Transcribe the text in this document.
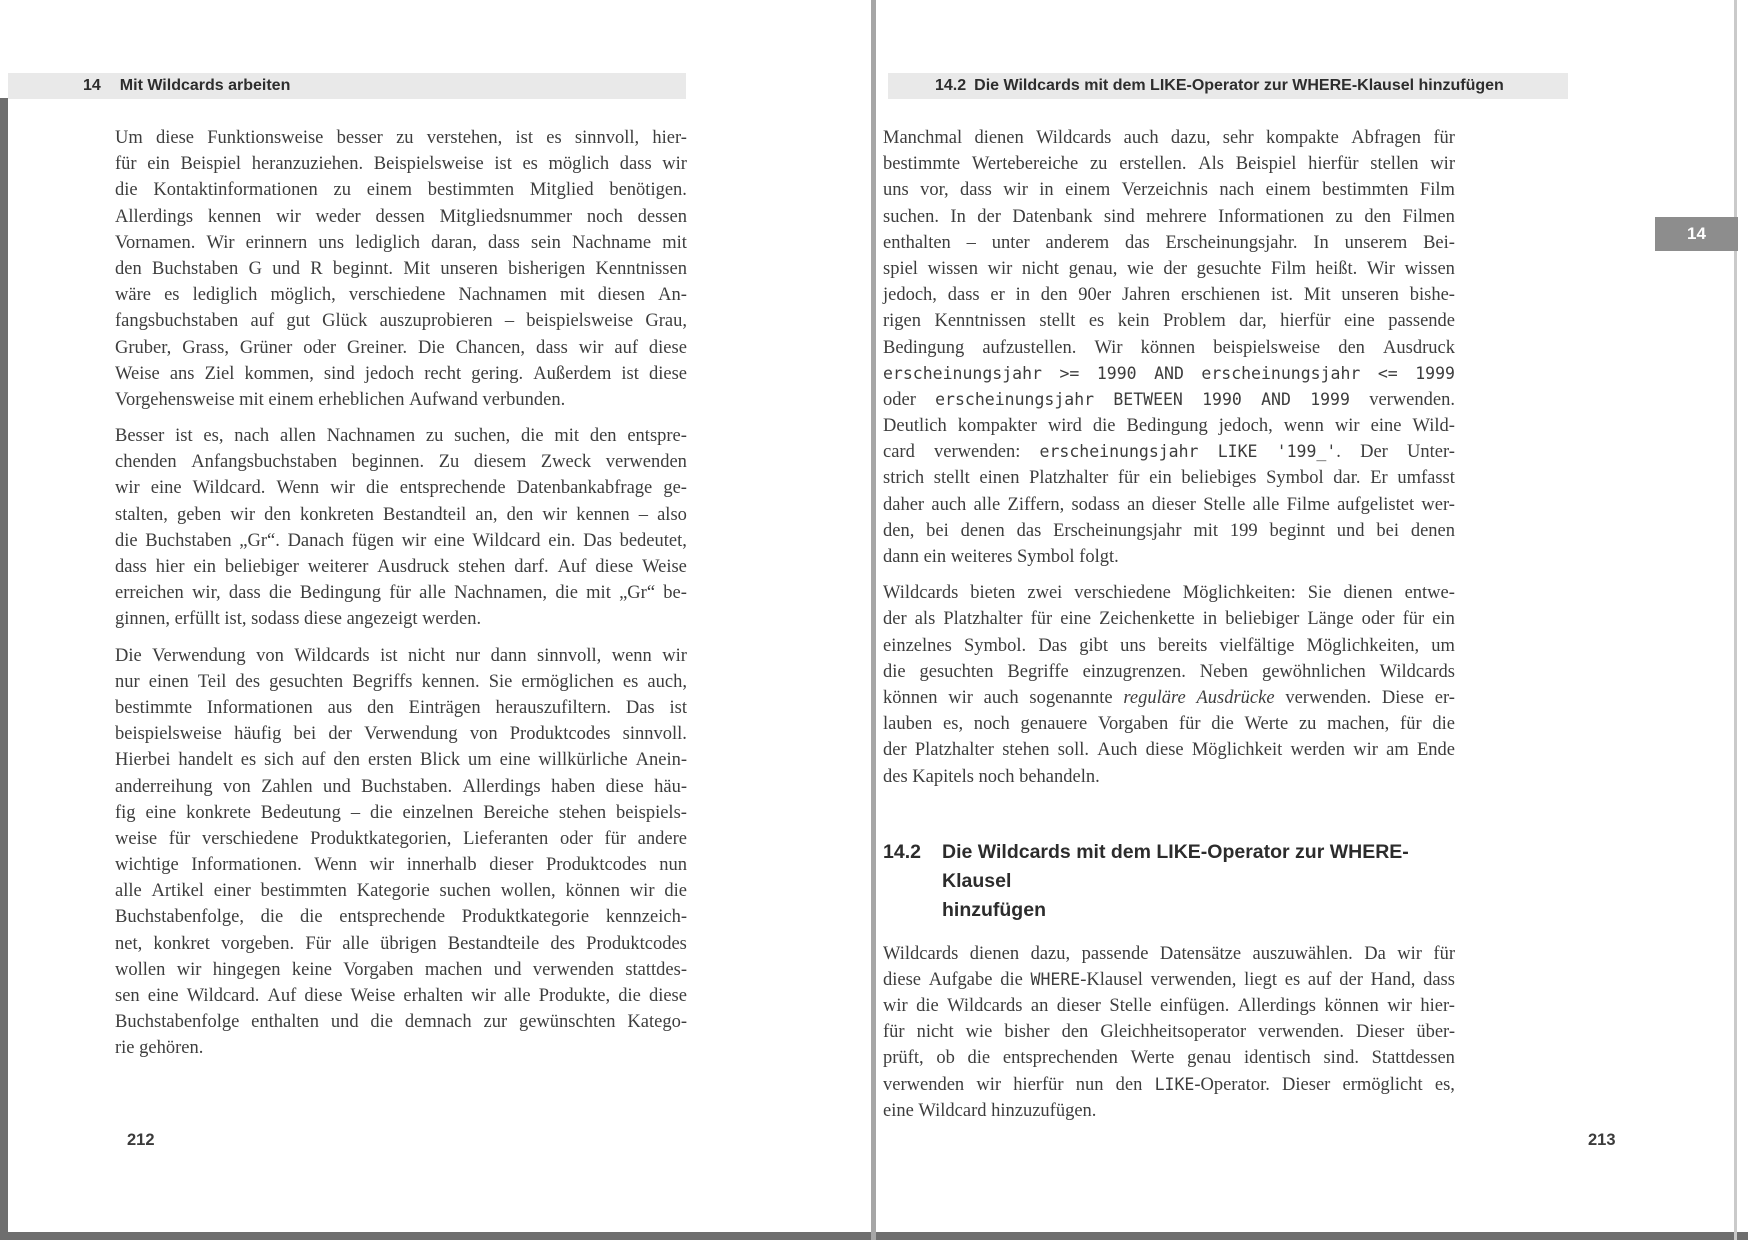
14 Mit Wildcards arbeiten
Um diese Funktionsweise besser zu verstehen, ist es sinnvoll, hier-
für ein Beispiel heranzuziehen. Beispielsweise ist es möglich dass wir
die Kontaktinformationen zu einem bestimmten Mitglied benötigen.
Allerdings kennen wir weder dessen Mitgliedsnummer noch dessen
Vornamen. Wir erinnern uns lediglich daran, dass sein Nachname mit
den Buchstaben G und R beginnt. Mit unseren bisherigen Kenntnissen
wäre es lediglich möglich, verschiedene Nachnamen mit diesen An-
fangsbuchstaben auf gut Glück auszuprobieren – beispielsweise Grau,
Gruber, Grass, Grüner oder Greiner. Die Chancen, dass wir auf diese
Weise ans Ziel kommen, sind jedoch recht gering. Außerdem ist diese
Vorgehensweise mit einem erheblichen Aufwand verbunden.
Besser ist es, nach allen Nachnamen zu suchen, die mit den entspre-
chenden Anfangsbuchstaben beginnen. Zu diesem Zweck verwenden
wir eine Wildcard. Wenn wir die entsprechende Datenbankabfrage ge-
stalten, geben wir den konkreten Bestandteil an, den wir kennen – also
die Buchstaben „Gr“. Danach fügen wir eine Wildcard ein. Das bedeutet,
dass hier ein beliebiger weiterer Ausdruck stehen darf. Auf diese Weise
erreichen wir, dass die Bedingung für alle Nachnamen, die mit „Gr“ be-
ginnen, erfüllt ist, sodass diese angezeigt werden.
Die Verwendung von Wildcards ist nicht nur dann sinnvoll, wenn wir
nur einen Teil des gesuchten Begriffs kennen. Sie ermöglichen es auch,
bestimmte Informationen aus den Einträgen herauszufiltern. Das ist
beispielsweise häufig bei der Verwendung von Produktcodes sinnvoll.
Hierbei handelt es sich auf den ersten Blick um eine willkürliche Anein-
anderreihung von Zahlen und Buchstaben. Allerdings haben diese häu-
fig eine konkrete Bedeutung – die einzelnen Bereiche stehen beispiels-
weise für verschiedene Produktkategorien, Lieferanten oder für andere
wichtige Informationen. Wenn wir innerhalb dieser Produktcodes nun
alle Artikel einer bestimmten Kategorie suchen wollen, können wir die
Buchstabenfolge, die die entsprechende Produktkategorie kennzeich-
net, konkret vorgeben. Für alle übrigen Bestandteile des Produktcodes
wollen wir hingegen keine Vorgaben machen und verwenden stattdes-
sen eine Wildcard. Auf diese Weise erhalten wir alle Produkte, die diese
Buchstabenfolge enthalten und die demnach zur gewünschten Katego-
rie gehören.
212
14.2 Die Wildcards mit dem LIKE-Operator zur WHERE-Klausel hinzufügen
14
Manchmal dienen Wildcards auch dazu, sehr kompakte Abfragen für
bestimmte Wertebereiche zu erstellen. Als Beispiel hierfür stellen wir
uns vor, dass wir in einem Verzeichnis nach einem bestimmten Film
suchen. In der Datenbank sind mehrere Informationen zu den Filmen
enthalten – unter anderem das Erscheinungsjahr. In unserem Bei-
spiel wissen wir nicht genau, wie der gesuchte Film heißt. Wir wissen
jedoch, dass er in den 90er Jahren erschienen ist. Mit unseren bishe-
rigen Kenntnissen stellt es kein Problem dar, hierfür eine passende
Bedingung aufzustellen. Wir können beispielsweise den Ausdruck
erscheinungsjahr >= 1990 AND erscheinungsjahr <= 1999
oder erscheinungsjahr BETWEEN 1990 AND 1999 verwenden.
Deutlich kompakter wird die Bedingung jedoch, wenn wir eine Wild-
card verwenden: erscheinungsjahr LIKE '199_'. Der Unter-
strich stellt einen Platzhalter für ein beliebiges Symbol dar. Er umfasst
daher auch alle Ziffern, sodass an dieser Stelle alle Filme aufgelistet wer-
den, bei denen das Erscheinungsjahr mit 199 beginnt und bei denen
dann ein weiteres Symbol folgt.
Wildcards bieten zwei verschiedene Möglichkeiten: Sie dienen entwe-
der als Platzhalter für eine Zeichenkette in beliebiger Länge oder für ein
einzelnes Symbol. Das gibt uns bereits vielfältige Möglichkeiten, um
die gesuchten Begriffe einzugrenzen. Neben gewöhnlichen Wildcards
können wir auch sogenannte reguläre Ausdrücke verwenden. Diese er-
lauben es, noch genauere Vorgaben für die Werte zu machen, für die
der Platzhalter stehen soll. Auch diese Möglichkeit werden wir am Ende
des Kapitels noch behandeln.
14.2	Die Wildcards mit dem LIKE-Operator zur WHERE-Klausel
hinzufügen
Wildcards dienen dazu, passende Datensätze auszuwählen. Da wir für
diese Aufgabe die WHERE-Klausel verwenden, liegt es auf der Hand, dass
wir die Wildcards an dieser Stelle einfügen. Allerdings können wir hier-
für nicht wie bisher den Gleichheitsoperator verwenden. Dieser über-
prüft, ob die entsprechenden Werte genau identisch sind. Stattdessen
verwenden wir hierfür nun den LIKE-Operator. Dieser ermöglicht es,
eine Wildcard hinzuzufügen.
213
